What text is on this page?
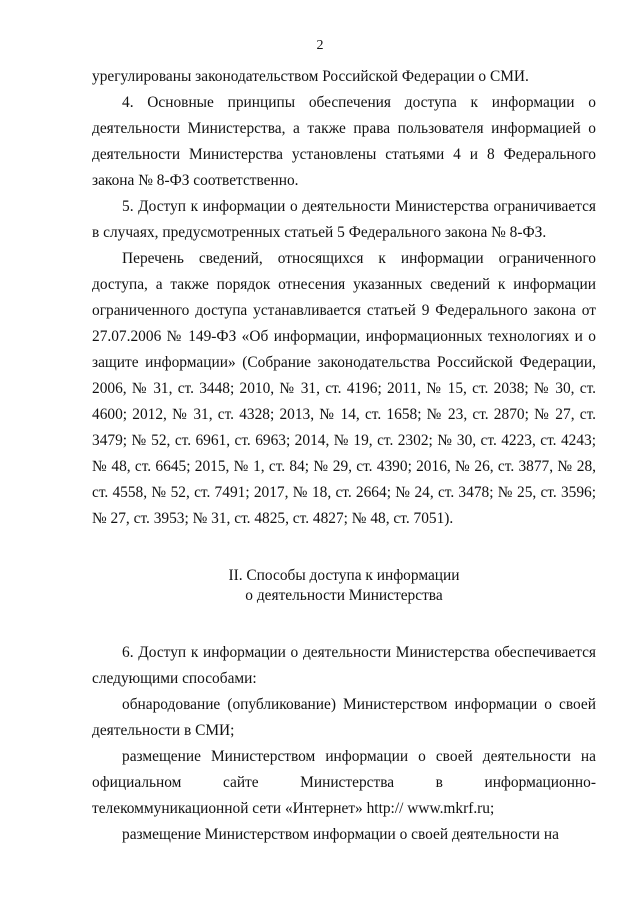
2

урегулированы законодательством Российской Федерации о СМИ.

4. Основные принципы обеспечения доступа к информации о деятельности Министерства, а также права пользователя информацией о деятельности Министерства установлены статьями 4 и 8 Федерального закона № 8-ФЗ соответственно.

5. Доступ к информации о деятельности Министерства ограничивается в случаях, предусмотренных статьей 5 Федерального закона № 8-ФЗ.

Перечень сведений, относящихся к информации ограниченного доступа, а также порядок отнесения указанных сведений к информации ограниченного доступа устанавливается статьей 9 Федерального закона от 27.07.2006 № 149-ФЗ «Об информации, информационных технологиях и о защите информации» (Собрание законодательства Российской Федерации, 2006, № 31, ст. 3448; 2010, № 31, ст. 4196; 2011, № 15, ст. 2038; № 30, ст. 4600; 2012, № 31, ст. 4328; 2013, № 14, ст. 1658; № 23, ст. 2870; № 27, ст. 3479; № 52, ст. 6961, ст. 6963; 2014, № 19, ст. 2302; № 30, ст. 4223, ст. 4243; № 48, ст. 6645; 2015, № 1, ст. 84; № 29, ст. 4390; 2016, № 26, ст. 3877, № 28, ст. 4558, № 52, ст. 7491; 2017, № 18, ст. 2664; № 24, ст. 3478; № 25, ст. 3596; № 27, ст. 3953; № 31, ст. 4825, ст. 4827; № 48, ст. 7051).

II. Способы доступа к информации
о деятельности Министерства

6. Доступ к информации о деятельности Министерства обеспечивается следующими способами:

обнародование (опубликование) Министерством информации о своей деятельности в СМИ;

размещение Министерством информации о своей деятельности на официальном сайте Министерства в информационно-телекоммуникационной сети «Интернет» http:// www.mkrf.ru;

размещение Министерством информации о своей деятельности на
